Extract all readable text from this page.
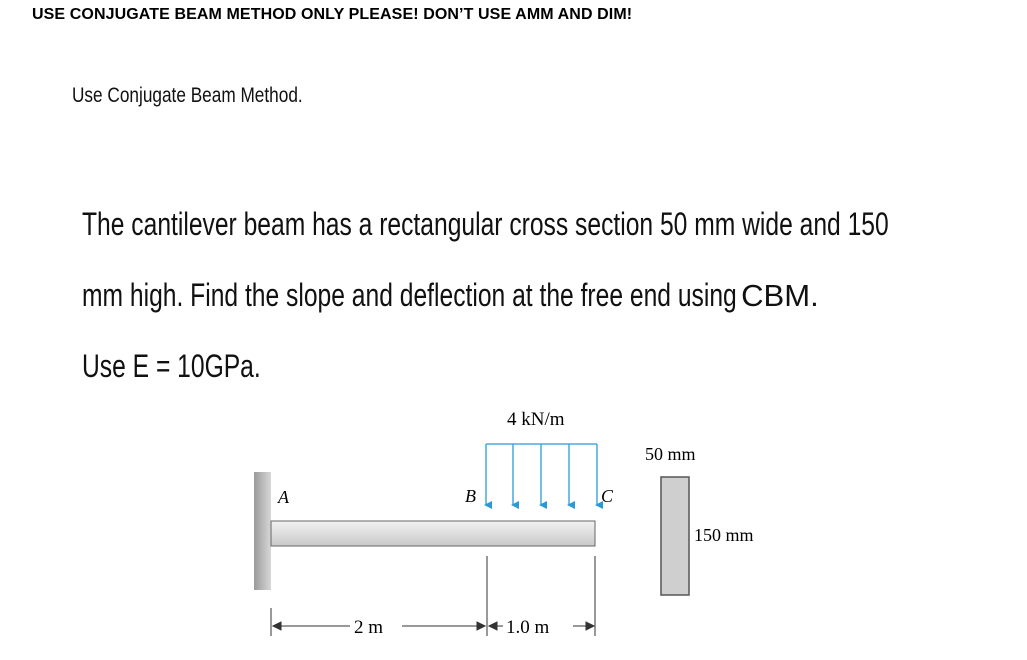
USE CONJUGATE BEAM METHOD ONLY PLEASE! DON’T USE AMM AND DIM!
Use Conjugate Beam Method.
The cantilever beam has a rectangular cross section 50 mm wide and 150
mm high. Find the slope and deflection at the free end using CBM.
Use E = 10GPa.
A	B	C
4 kN/m
2 m	1.0 m
50 mm
150 mm
